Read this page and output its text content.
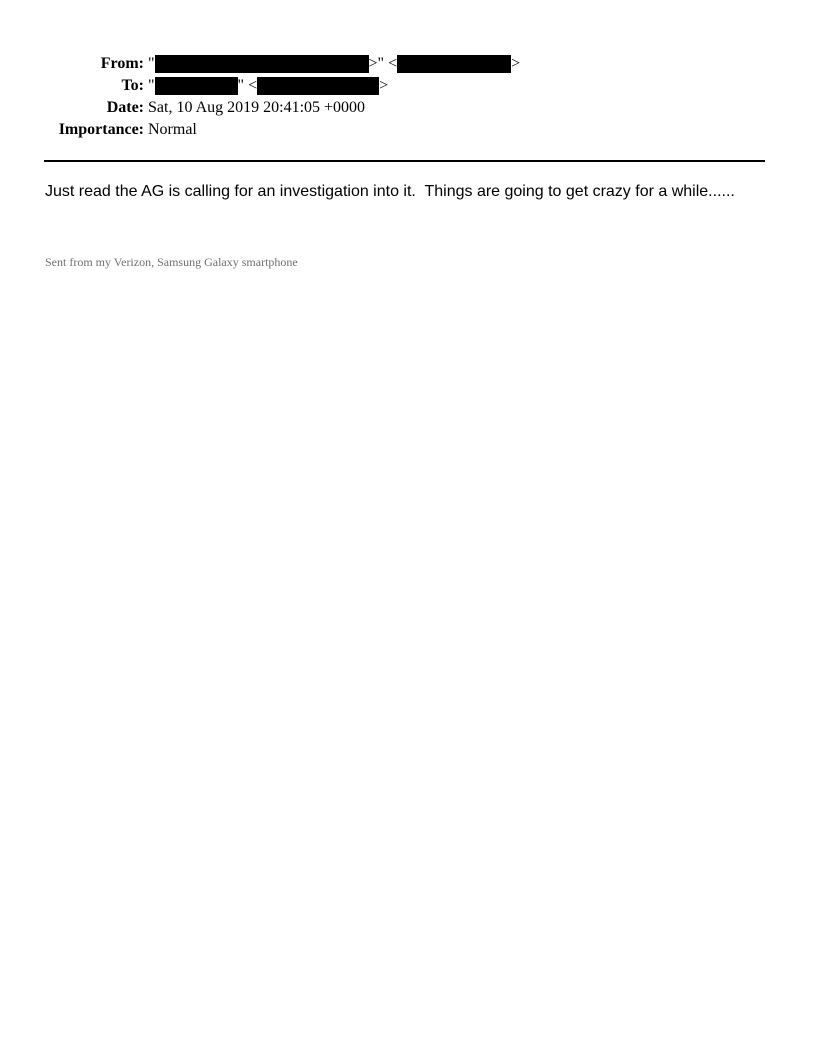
From: "	>" <	>
To: "	" <	>
Date: Sat, 10 Aug 2019 20:41:05 +0000
Importance: Normal
Just read the AG is calling for an investigation into it.  Things are going to get crazy for a while......
Sent from my Verizon, Samsung Galaxy smartphone
